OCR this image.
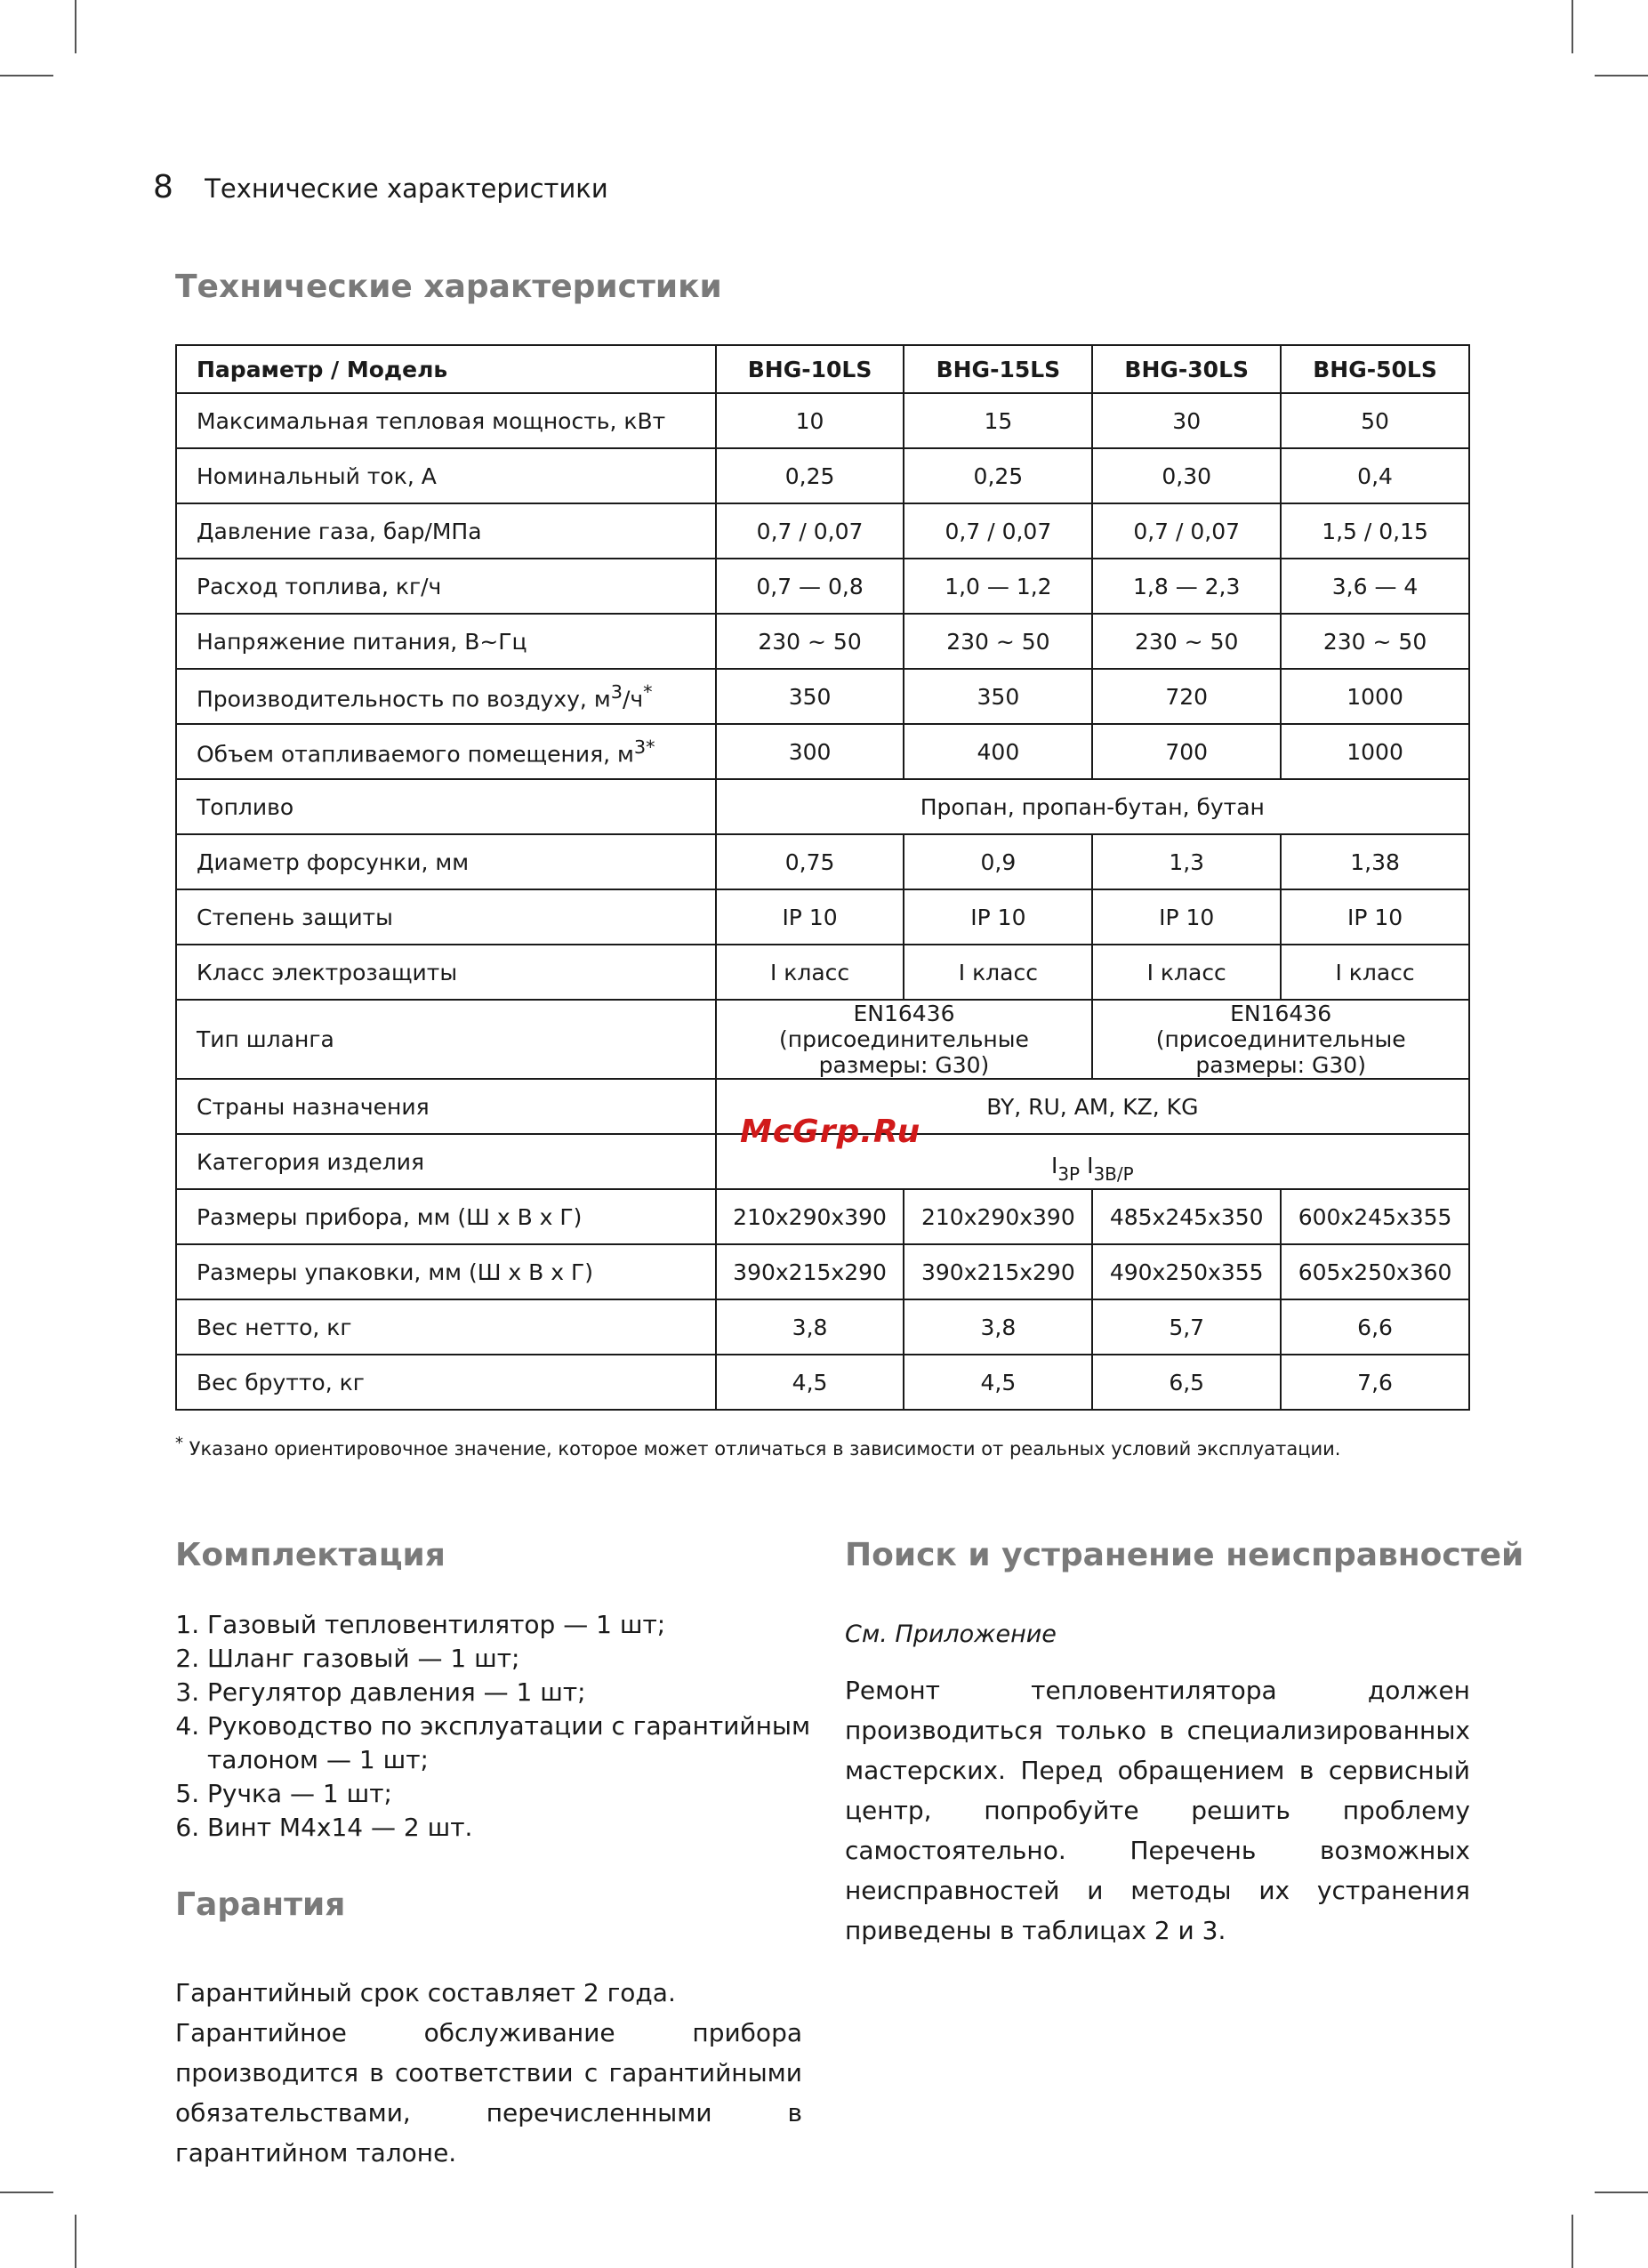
8 Технические характеристики
Технические характеристики
Параметр / Модель	BHG-10LS	BHG-15LS	BHG-30LS	BHG-50LS
Максимальная тепловая мощность, кВт	10	15	30	50
Номинальный ток, А	0,25	0,25	0,30	0,4
Давление газа, бар/МПа	0,7 / 0,07	0,7 / 0,07	0,7 / 0,07	1,5 / 0,15
Расход топлива, кг/ч	0,7 — 0,8	1,0 — 1,2	1,8 — 2,3	3,6 — 4
Напряжение питания, В~Гц	230 ~ 50	230 ~ 50	230 ~ 50	230 ~ 50
Производительность по воздуху, $м^3/ч^*$	350	350	720	1000
Объем отапливаемого помещения, $м^{3*}$	300	400	700	1000
Топливо	Пропан, пропан-бутан, бутан			
Диаметр форсунки, мм	0,75	0,9	1,3	1,38
Степень защиты	IP 10	IP 10	IP 10	IP 10
Класс электрозащиты	I класс	I класс	I класс	I класс
Тип шланга	EN16436 (присоединительные размеры: G30)		EN16436 (присоединительные размеры: G30)	
Страны назначения	BY, RU, AM, KZ, KG			
Категория изделия	$I_{3P}$ $I_{3B/P}$
Размеры прибора, мм (Ш x В x Г)	210x290x390	210x290x390	485x245x350	600x245x355
Размеры упаковки, мм (Ш x В x Г)	390x215x290	390x215x290	490x250x355	605x250x360
Вес нетто, кг	3,8	3,8	5,7	6,6
Вес брутто, кг	4,5	4,5	6,5	7,6
McGrp.Ru
* Указано ориентировочное значение, которое может отличаться в зависимости от реальных условий эксплуатации.
Комплектация
1. Газовый тепловентилятор — 1 шт;
2. Шланг газовый — 1 шт;
3. Регулятор давления — 1 шт;
4. Руководство по эксплуатации с гарантийным талоном — 1 шт;
5. Ручка — 1 шт;
6. Винт М4х14 — 2 шт.
Гарантия
Гарантийный срок составляет 2 года.
Гарантийное обслуживание прибора производится в соответствии с гарантийными обязательствами, перечисленными в гарантийном талоне.
Поиск и устранение неисправностей
См. Приложение

Ремонт тепловентилятора должен производиться только в специализированных мастерских. Перед обращением в сервисный центр, попробуйте решить проблему самостоятельно. Перечень возможных неисправностей и методы их устранения приведены в таблицах 2 и 3.
